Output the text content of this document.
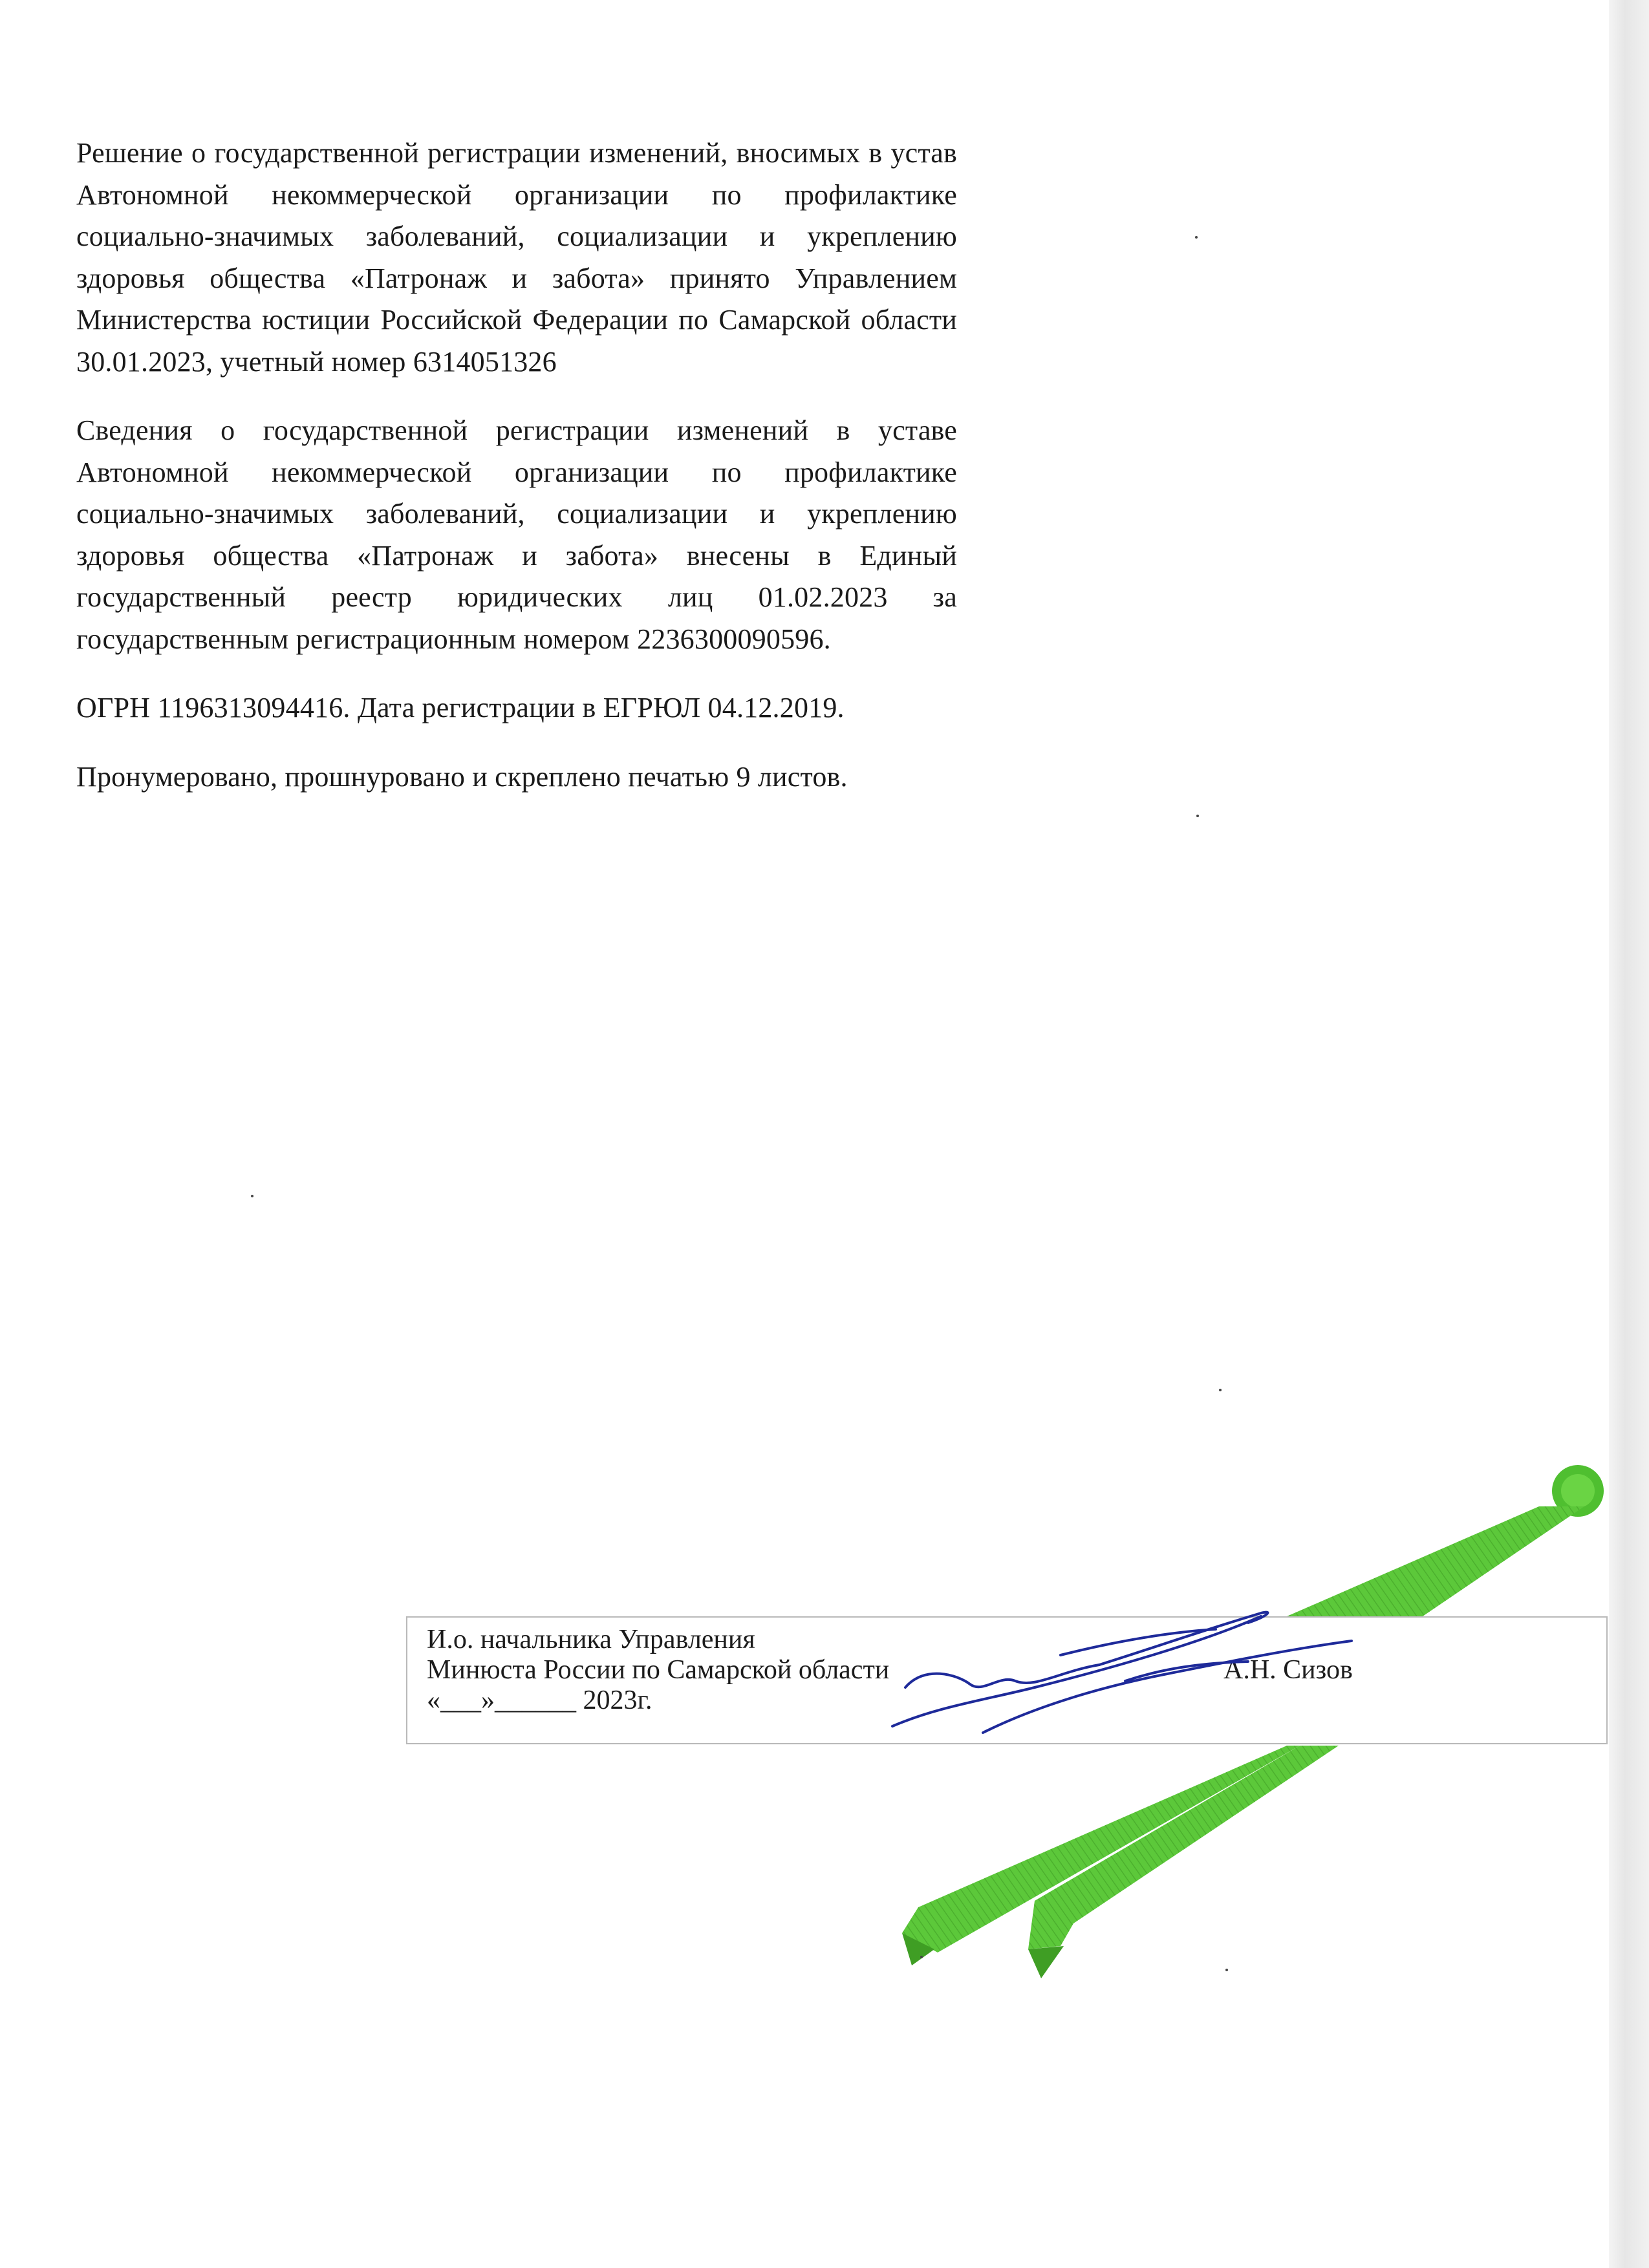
Решение о государственной регистрации изменений, вносимых в устав Автономной некоммерческой организации по профилактике социально-значимых заболеваний, социализации и укреплению здоровья общества «Патронаж и забота» принято Управлением Министерства юстиции Российской Федерации по Самарской области 30.01.2023, учетный номер 6314051326

Сведения о государственной регистрации изменений в уставе Автономной некоммерческой организации по профилактике социально-значимых заболеваний, социализации и укреплению здоровья общества «Патронаж и забота» внесены в Единый государственный реестр юридических лиц 01.02.2023 за государственным регистрационным номером 2236300090596.

ОГРН 1196313094416. Дата регистрации в ЕГРЮЛ 04.12.2019.

Пронумеровано, прошнуровано и скреплено печатью 9 листов.

И.о. начальника Управления
Минюста России по Самарской области
«___»______ 2023г.
А.Н. Сизов
